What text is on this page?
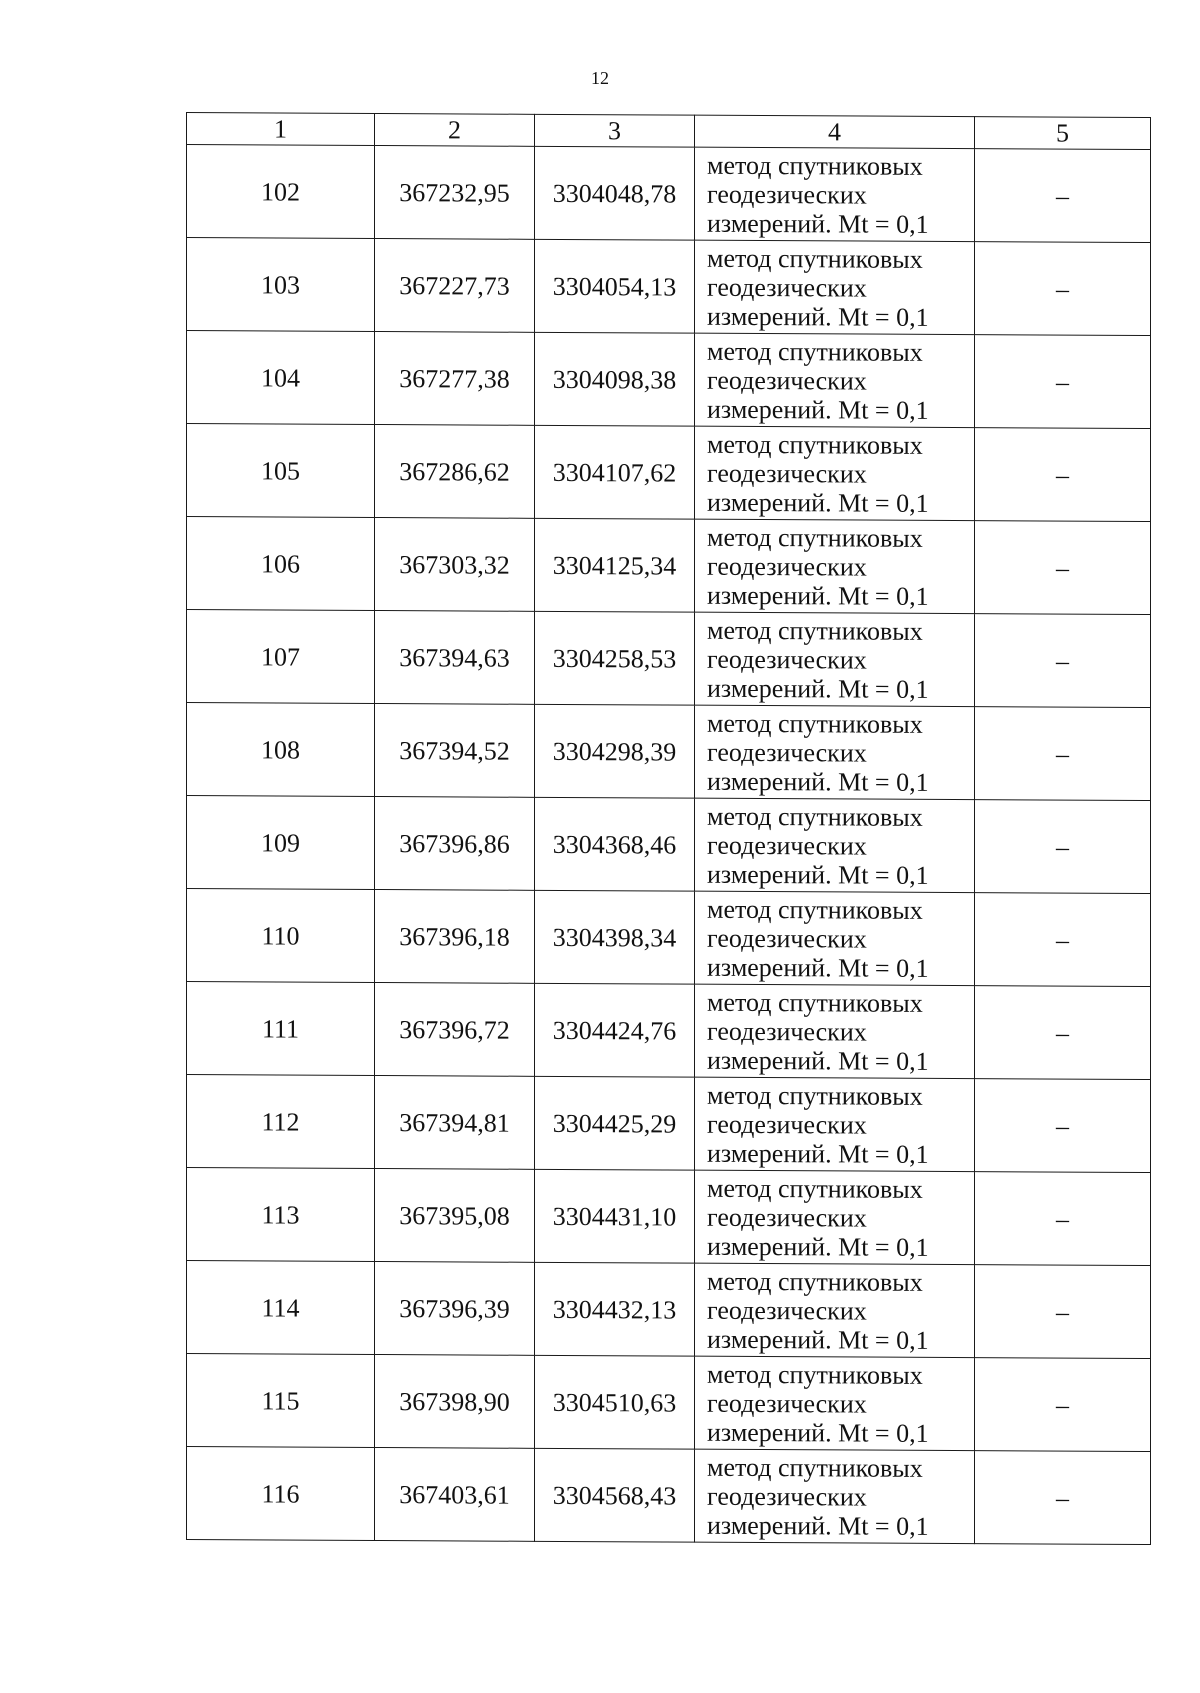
12
1	2	3	4	5
102	367232,95	3304048,78	метод спутниковых
геодезических
измерений. Mt = 0,1	–
103	367227,73	3304054,13	метод спутниковых
геодезических
измерений. Mt = 0,1	–
104	367277,38	3304098,38	метод спутниковых
геодезических
измерений. Mt = 0,1	–
105	367286,62	3304107,62	метод спутниковых
геодезических
измерений. Mt = 0,1	–
106	367303,32	3304125,34	метод спутниковых
геодезических
измерений. Mt = 0,1	–
107	367394,63	3304258,53	метод спутниковых
геодезических
измерений. Mt = 0,1	–
108	367394,52	3304298,39	метод спутниковых
геодезических
измерений. Mt = 0,1	–
109	367396,86	3304368,46	метод спутниковых
геодезических
измерений. Mt = 0,1	–
110	367396,18	3304398,34	метод спутниковых
геодезических
измерений. Mt = 0,1	–
111	367396,72	3304424,76	метод спутниковых
геодезических
измерений. Mt = 0,1	–
112	367394,81	3304425,29	метод спутниковых
геодезических
измерений. Mt = 0,1	–
113	367395,08	3304431,10	метод спутниковых
геодезических
измерений. Mt = 0,1	–
114	367396,39	3304432,13	метод спутниковых
геодезических
измерений. Mt = 0,1	–
115	367398,90	3304510,63	метод спутниковых
геодезических
измерений. Mt = 0,1	–
116	367403,61	3304568,43	метод спутниковых
геодезических
измерений. Mt = 0,1	–
